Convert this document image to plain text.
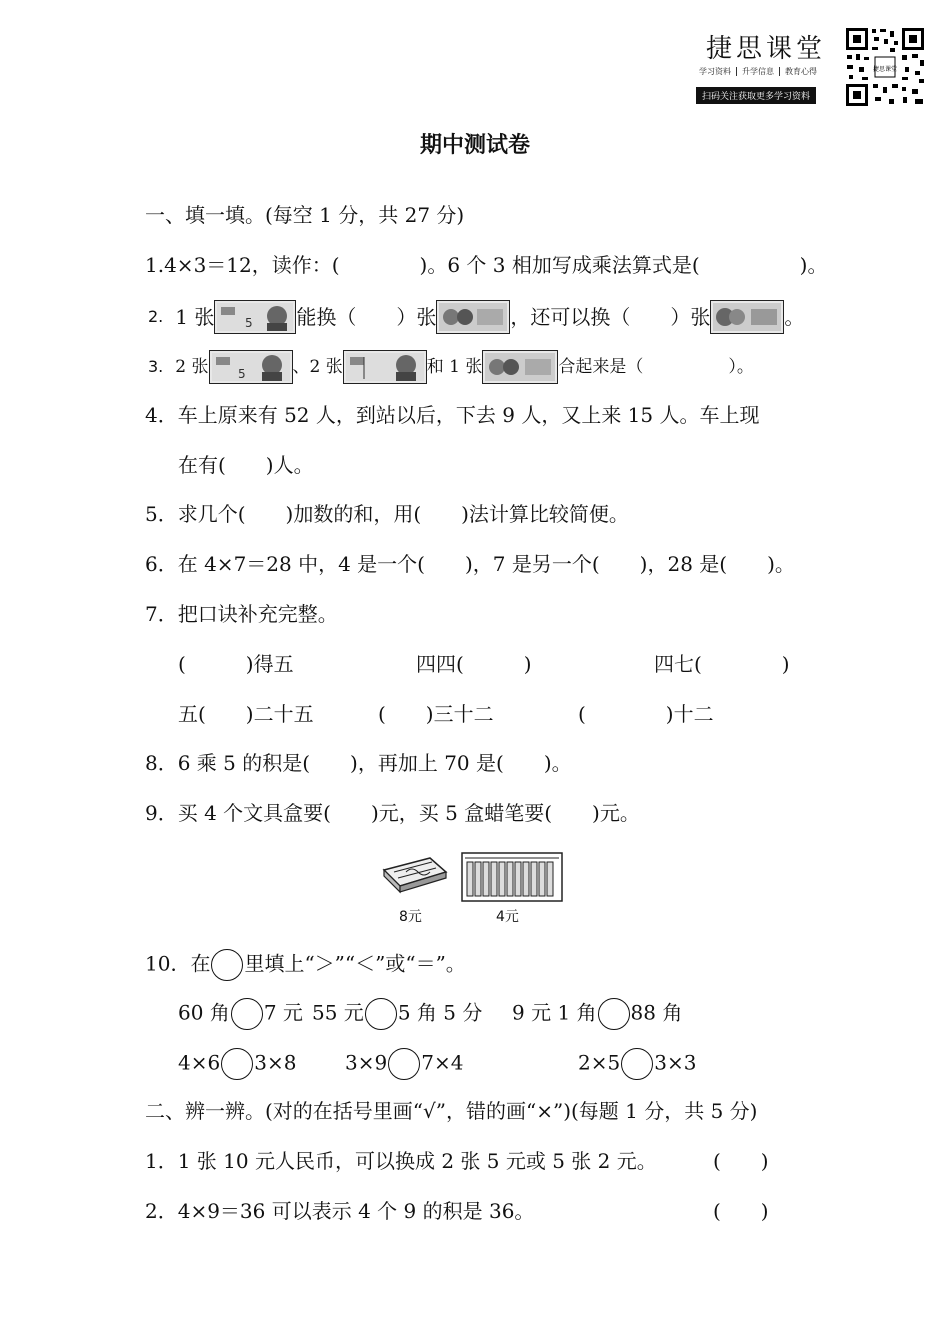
捷思课堂
学习资料 升学信息 教育心得
扫码关注获取更多学习资料
捷思课堂
期中测试卷
一、填一填。(每空 1 分，共 27 分)
1.4×3＝12，读作：(　　　　)。6 个 3 相加写成乘法算式是(　　　　　)。
2. 1 张	5 能换（　　）张	，还可以换（　　）张	。
3. 2 张 5	、2 张	和 1 张	合起来是（　　　　　）。
4．车上原来有 52 人，到站以后，下去 9 人，又上来 15 人。车上现
在有(　　)人。
5．求几个(　　)加数的和，用(　　)法计算比较简便。
6．在 4×7＝28 中，4 是一个(　　)，7 是另一个(　　)，28 是(　　)。
7．把口诀补充完整。
(　　　)得五	四四(　　　)	四七(　　　　)
五(　　)二十五	(　　)三十二	(　　　　)十二
8．6 乘 5 的积是(　　)，再加上 70 是(　　)。
9．买 4 个文具盒要(　　)元，买 5 盒蜡笔要(　　)元。
8元	4元
10．在 里填上“＞”“＜”或“＝”。
60 角 7 元 55 元 5 角 5 分 9 元 1 角 88 角
4×6 3×8 3×9 7×4	2×5 3×3
二、辨一辨。(对的在括号里画“√”，错的画“×”)(每题 1 分，共 5 分)
1．1 张 10 元人民币，可以换成 2 张 5 元或 5 张 2 元。	(　　)
2．4×9＝36 可以表示 4 个 9 的积是 36。	(　　)
